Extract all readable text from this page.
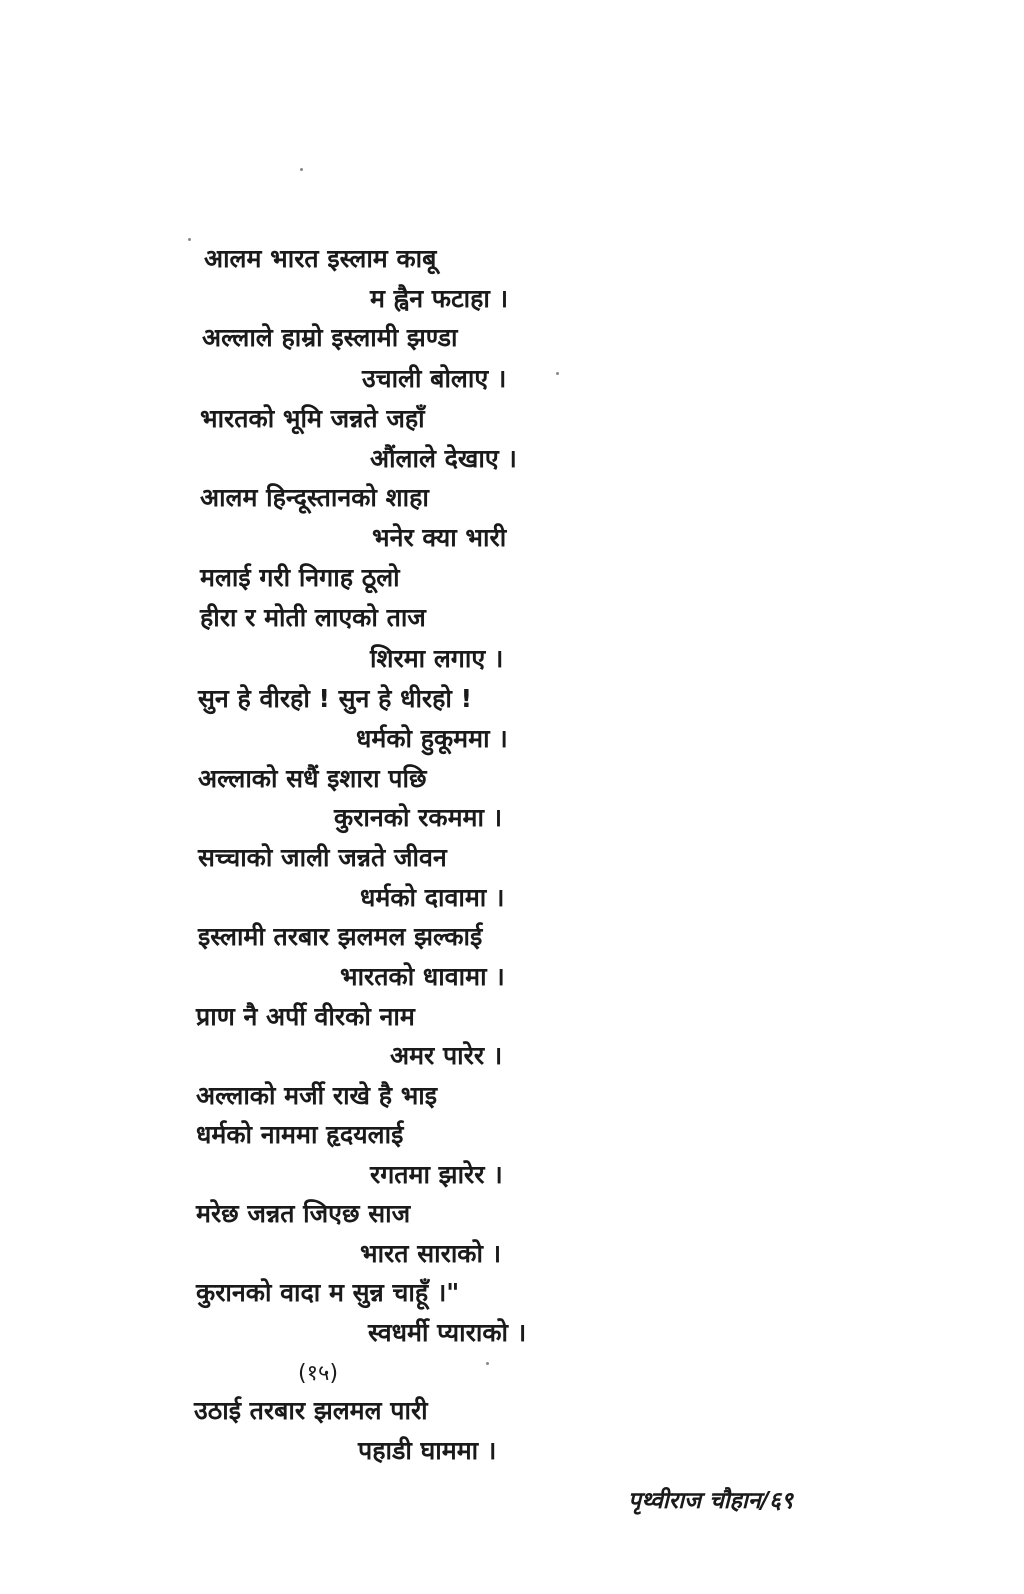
आलम भारत इस्लाम काबू
म ह्वैन फटाहा ।
अल्लाले हाम्रो इस्लामी झण्डा
उचाली बोलाए ।
भारतको भूमि जन्नते जहाँ
औंलाले देखाए ।
आलम हिन्दूस्तानको शाहा
भनेर क्या भारी
मलाई गरी निगाह ठूलो
हीरा र मोती लाएको ताज
शिरमा लगाए ।
सुन हे वीरहो ! सुन हे धीरहो !
धर्मको हुकूममा ।
अल्लाको सधैं इशारा पछि
कुरानको रकममा ।
सच्चाको जाली जन्नते जीवन
धर्मको दावामा ।
इस्लामी तरबार झलमल झल्काई
भारतको धावामा ।
प्राण नै अर्पी वीरको नाम
अमर पारेर ।
अल्लाको मर्जी राखे है भाइ
धर्मको नाममा हृदयलाई
रगतमा झारेर ।
मरेछ जन्नत जिएछ साज
भारत साराको ।
कुरानको वादा म सुन्न चाहूँ ।"
स्वधर्मी प्याराको ।
(१५)
उठाई तरबार झलमल पारी
पहाडी घाममा ।
पृथ्वीराज चौहान/६९
